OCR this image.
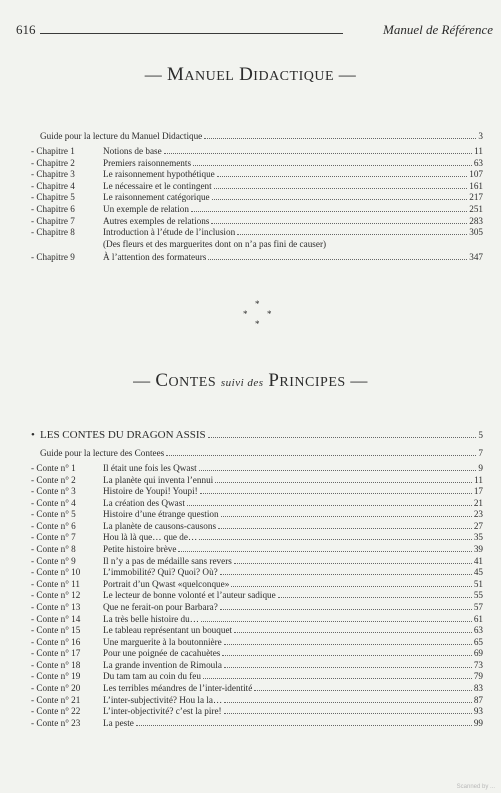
616	Manuel de Référence
— MANUEL DIDACTIQUE —
Guide pour la lecture du Manuel Didactique	3
- Chapitre 1	Notions de base	11
- Chapitre 2	Premiers raisonnements	63
- Chapitre 3	Le raisonnement hypothétique	107
- Chapitre 4	Le nécessaire et le contingent	161
- Chapitre 5	Le raisonnement catégorique	217
- Chapitre 6	Un exemple de relation	251
- Chapitre 7	Autres exemples de relations	283
- Chapitre 8	Introduction à l’étude de l’inclusion	305
(Des fleurs et des marguerites dont on n’a pas fini de causer)
- Chapitre 9	À l’attention des formateurs	347
*
* *
*
— CONTES suivi des PRINCIPES —
• LES CONTES DU DRAGON ASSIS	5
Guide pour la lecture des Contees	7
- Conte n° 1	Il était une fois les Qwast	9
- Conte n° 2	La planète qui inventa l’ennui	11
- Conte n° 3	Histoire de Youpi! Youpi!	17
- Conte n° 4	La création des Qwast	21
- Conte n° 5	Histoire d’une étrange question	23
- Conte n° 6	La planète de causons-causons	27
- Conte n° 7	Hou là là que… que de…	35
- Conte n° 8	Petite histoire brève	39
- Conte n° 9	Il n’y a pas de médaille sans revers	41
- Conte n° 10 L’immobilité? Qui? Quoi? Où?	45
- Conte n° 11 Portrait d’un Qwast «quelconque»	51
- Conte n° 12 Le lecteur de bonne volonté et l’auteur sadique	55
- Conte n° 13 Que ne ferait-on pour Barbara?	57
- Conte n° 14 La très belle histoire du…	61
- Conte n° 15 Le tableau représentant un bouquet	63
- Conte n° 16 Une marguerite à la boutonnière	65
- Conte n° 17 Pour une poignée de cacahuètes	69
- Conte n° 18 La grande invention de Rimoula	73
- Conte n° 19 Du tam tam au coin du feu	79
- Conte n° 20 Les terribles méandres de l’inter-identité	83
- Conte n° 21 L’inter-subjectivité? Hou la la…	87
- Conte n° 22 L’inter-objectivité? c’est la pire!	93
- Conte n° 23 La peste	99
Scanned by ...
